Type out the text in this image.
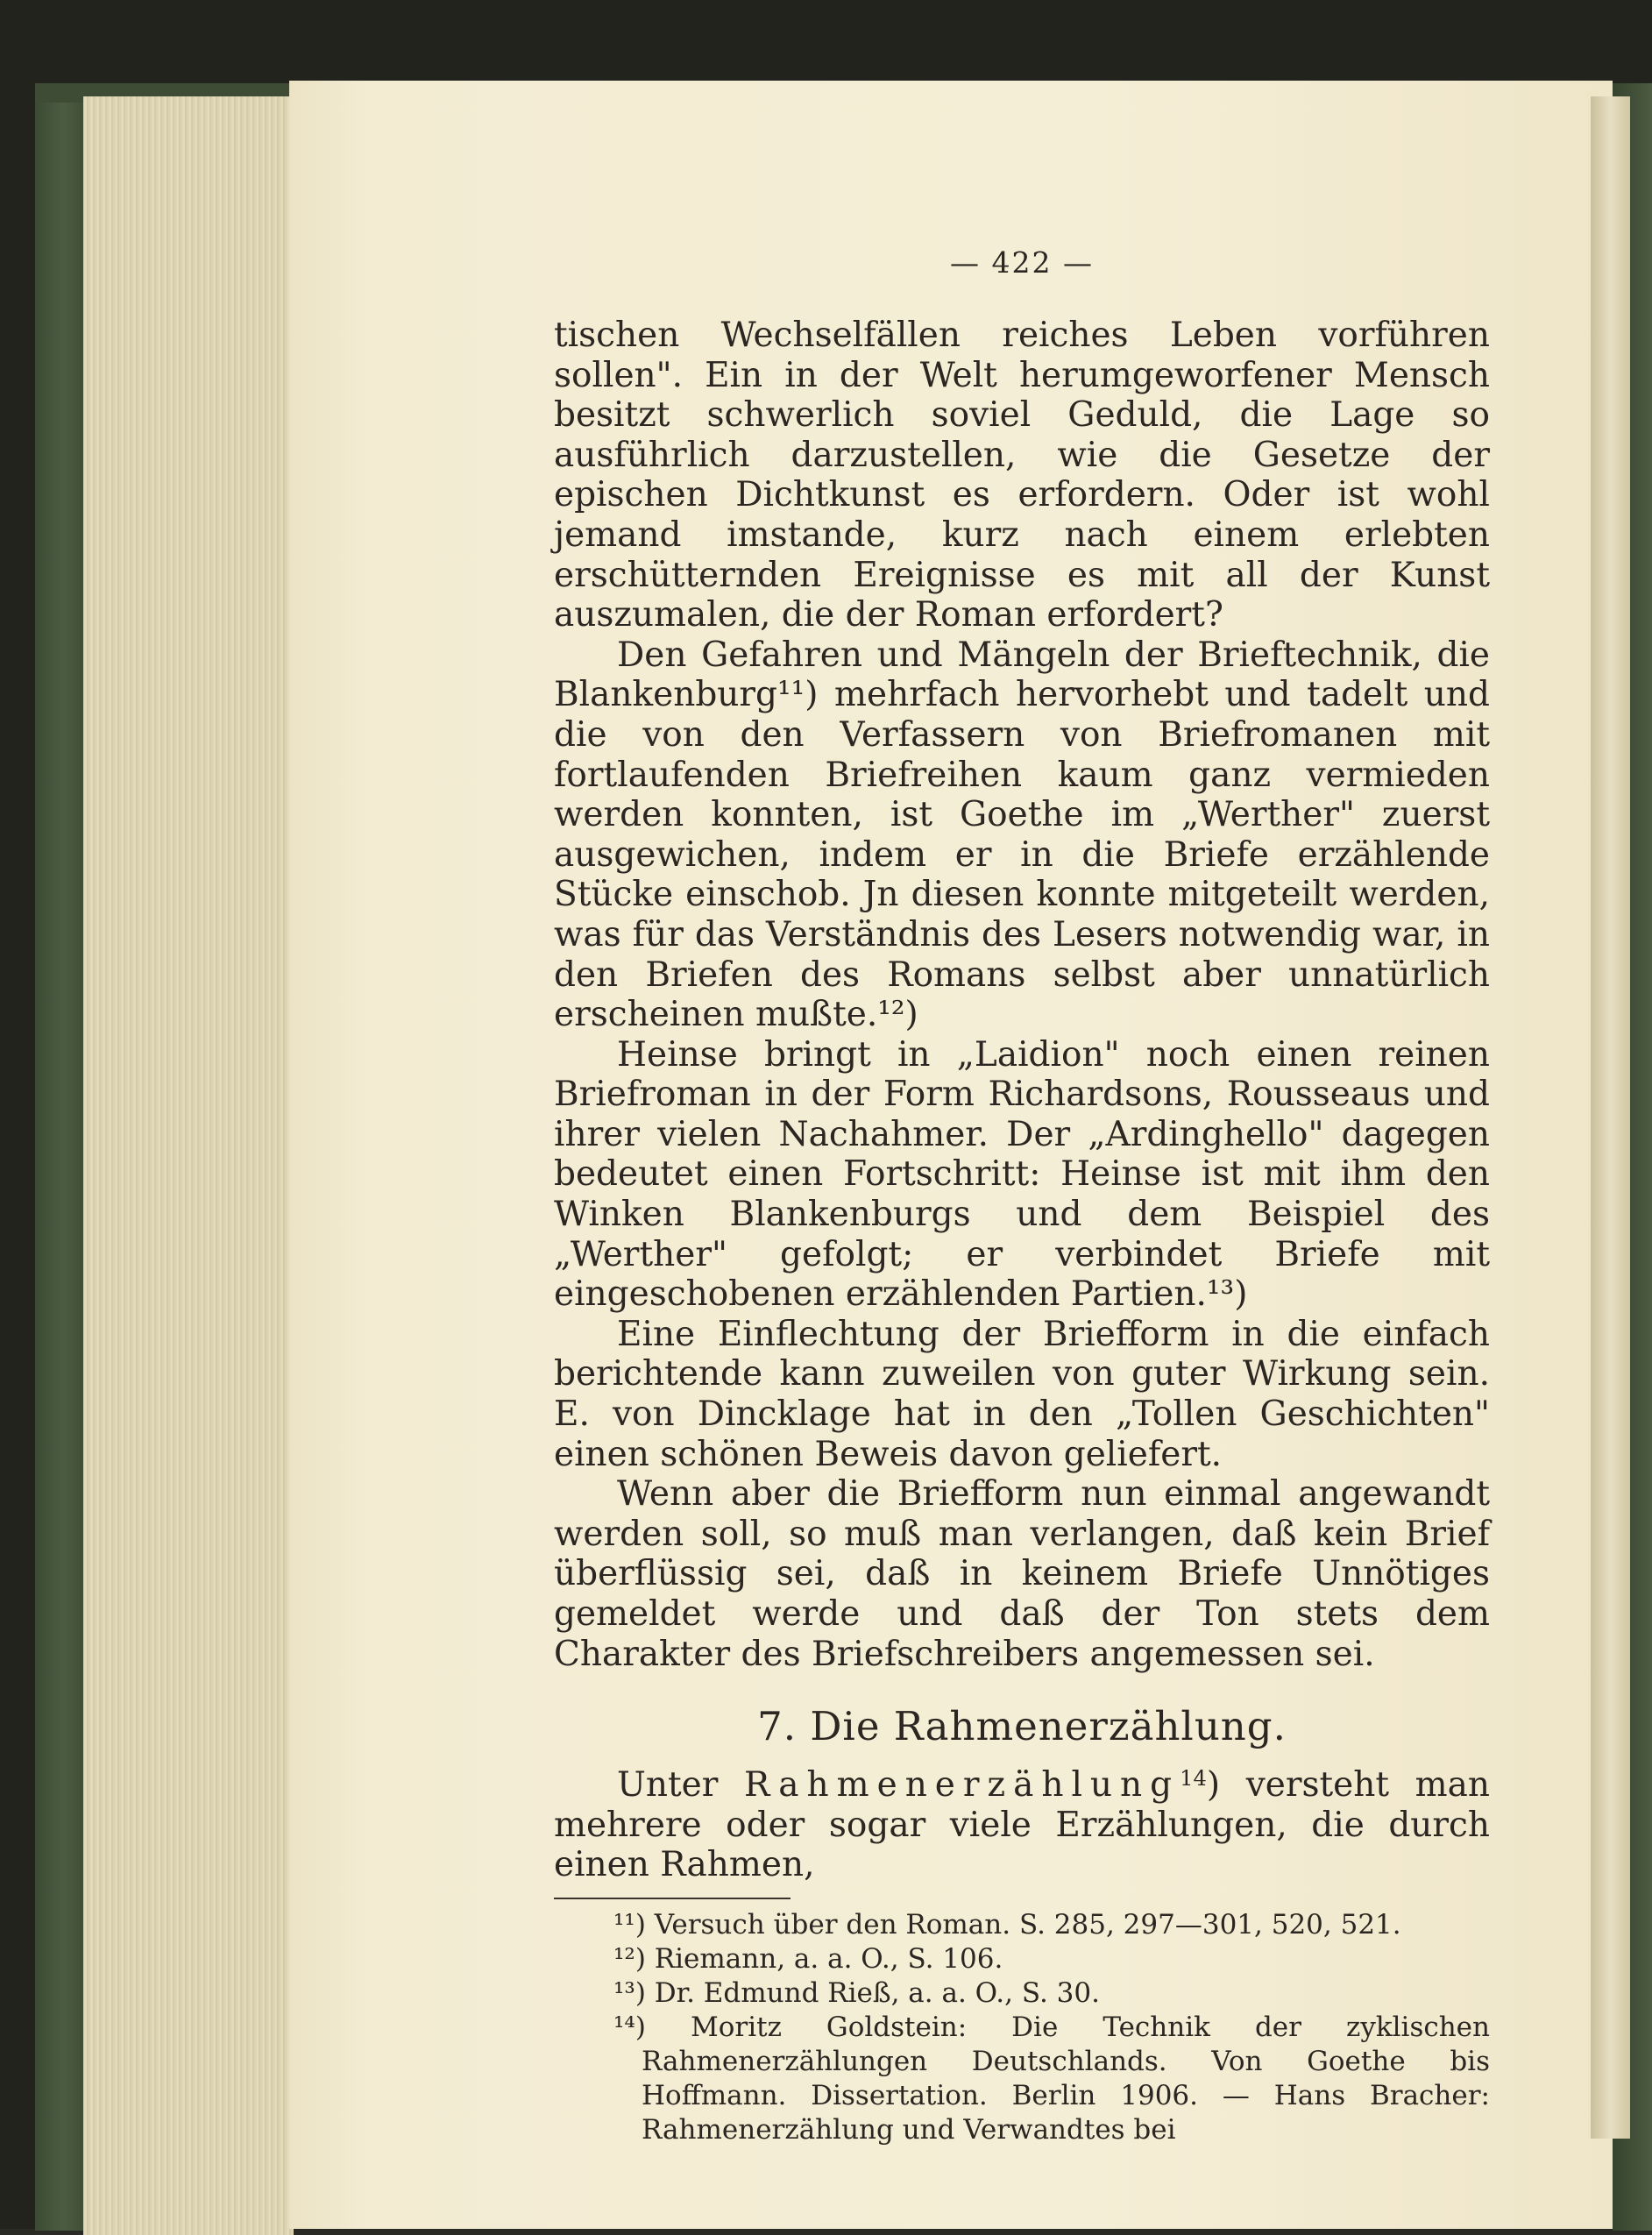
— 422 —

tischen Wechselfällen reiches Leben vorführen sollen". Ein in der Welt herumgeworfener Mensch besitzt schwerlich soviel Geduld, die Lage so ausführlich darzustellen, wie die Gesetze der epischen Dichtkunst es erfordern. Oder ist wohl jemand imstande, kurz nach einem erlebten erschütternden Ereignisse es mit all der Kunst auszumalen, die der Roman erfordert?

Den Gefahren und Mängeln der Brieftechnik, die Blankenburg¹¹) mehrfach hervorhebt und tadelt und die von den Verfassern von Briefromanen mit fortlaufenden Briefreihen kaum ganz vermieden werden konnten, ist Goethe im „Werther" zuerst ausgewichen, indem er in die Briefe erzählende Stücke einschob. Jn diesen konnte mitgeteilt werden, was für das Verständnis des Lesers notwendig war, in den Briefen des Romans selbst aber unnatürlich erscheinen mußte.¹²)

Heinse bringt in „Laidion" noch einen reinen Briefroman in der Form Richardsons, Rousseaus und ihrer vielen Nachahmer. Der „Ardinghello" dagegen bedeutet einen Fortschritt: Heinse ist mit ihm den Winken Blankenburgs und dem Beispiel des „Werther" gefolgt; er verbindet Briefe mit eingeschobenen erzählenden Partien.¹³)

Eine Einflechtung der Briefform in die einfach berichtende kann zuweilen von guter Wirkung sein. E. von Dincklage hat in den „Tollen Geschichten" einen schönen Beweis davon geliefert.

Wenn aber die Briefform nun einmal angewandt werden soll, so muß man verlangen, daß kein Brief überflüssig sei, daß in keinem Briefe Unnötiges gemeldet werde und daß der Ton stets dem Charakter des Briefschreibers angemessen sei.

7. Die Rahmenerzählung.

Unter Rahmenerzählung$^{14}$) versteht man mehrere oder sogar viele Erzählungen, die durch einen Rahmen,

¹¹) Versuch über den Roman. S. 285, 297—301, 520, 521.

¹²) Riemann, a. a. O., S. 106.

¹³) Dr. Edmund Rieß, a. a. O., S. 30.

¹⁴) Moritz Goldstein: Die Technik der zyklischen Rahmenerzählungen Deutschlands. Von Goethe bis Hoffmann. Dissertation. Berlin 1906. — Hans Bracher: Rahmenerzählung und Verwandtes bei
